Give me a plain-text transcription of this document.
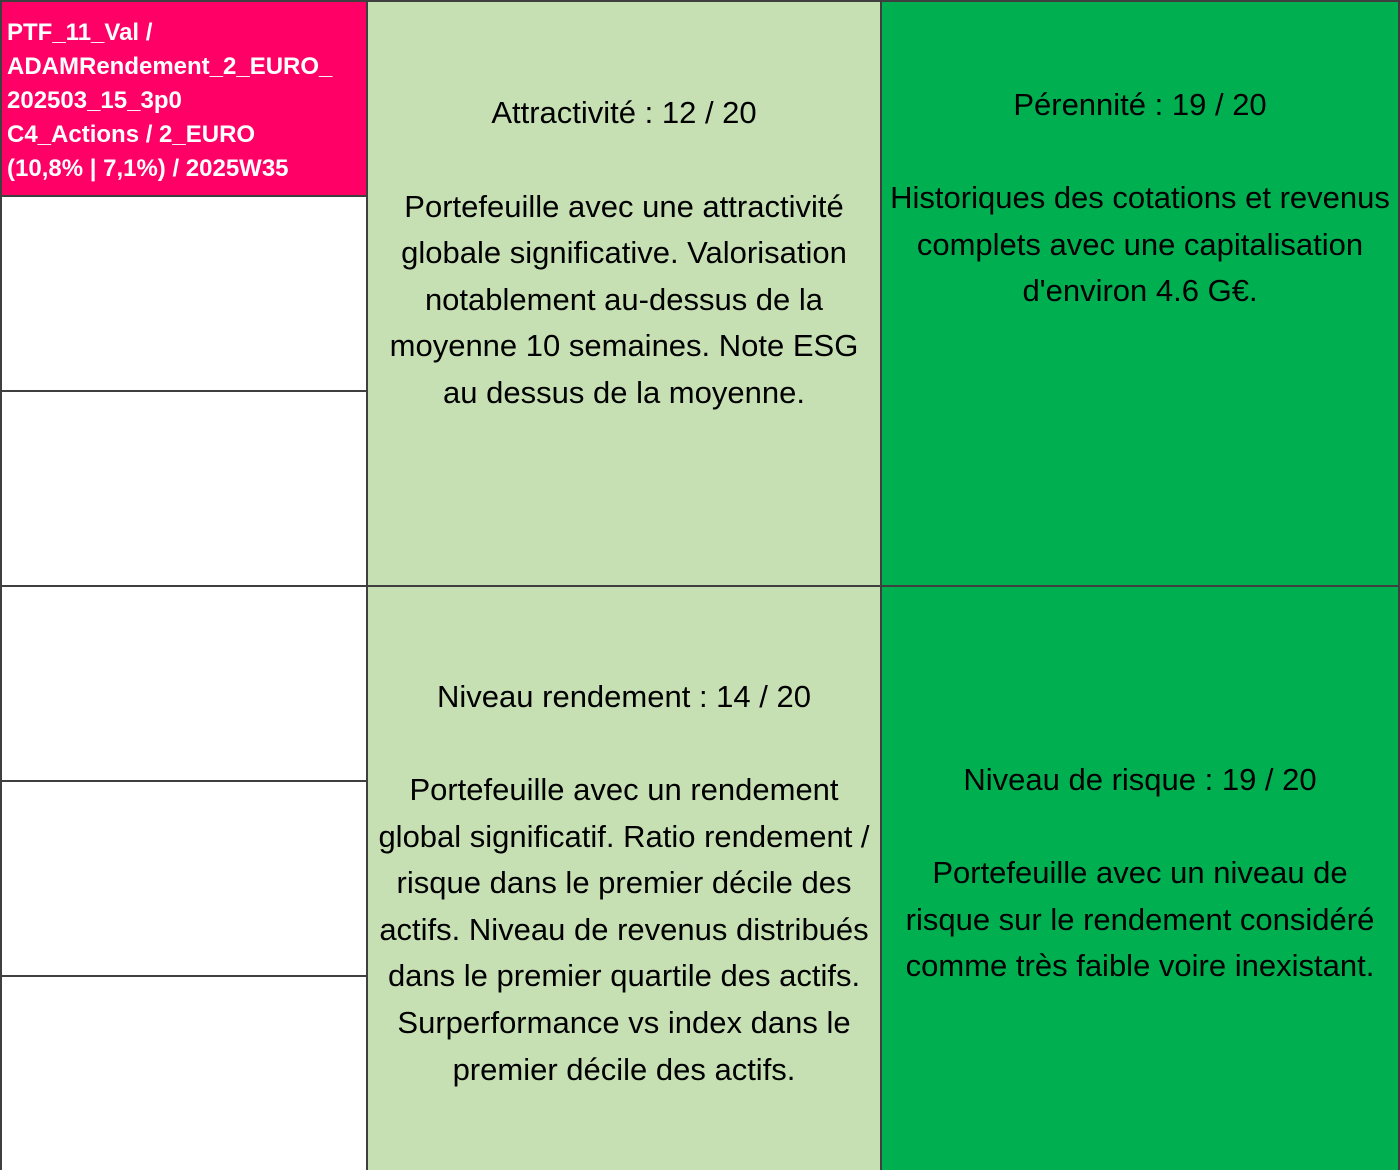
PTF_11_Val /
ADAMRendement_2_EURO_
202503_15_3p0
C4_Actions / 2_EURO
(10,8% | 7,1%) / 2025W35
Attractivité : 12 / 20
Portefeuille avec une attractivité globale significative. Valorisation notablement au-dessus de la moyenne 10 semaines. Note ESG au dessus de la moyenne.
Pérennité : 19 / 20
Historiques des cotations et revenus complets avec une capitalisation d'environ 4.6 G€.
Niveau rendement : 14 / 20
Portefeuille avec un rendement global significatif. Ratio rendement / risque dans le premier décile des actifs. Niveau de revenus distribués dans le premier quartile des actifs. Surperformance vs index dans le premier décile des actifs.
Niveau de risque : 19 / 20
Portefeuille avec un niveau de risque sur le rendement considéré comme très faible voire inexistant.
